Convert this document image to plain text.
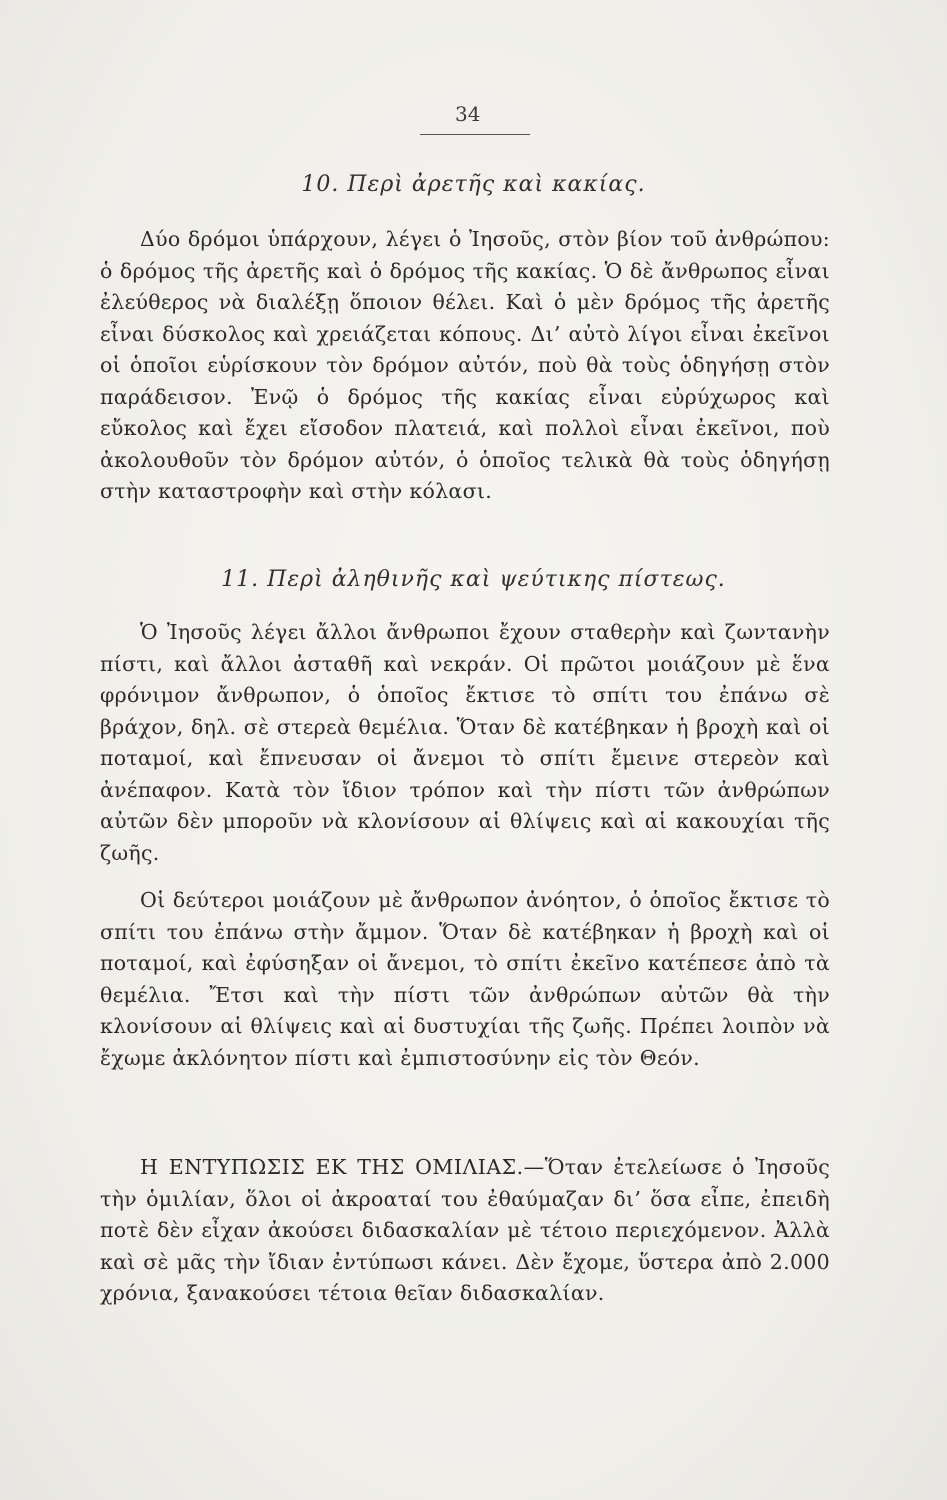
34
10. Περὶ ἀρετῆς καὶ κακίας.

Δύο δρόμοι ὑπάρχουν, λέγει ὁ Ἰησοῦς, στὸν βίον τοῦ ἀνθρώπου: ὁ δρόμος τῆς ἀρετῆς καὶ ὁ δρόμος τῆς κακίας. Ὁ δὲ ἄνθρωπος εἶναι ἐλεύθερος νὰ διαλέξῃ ὅποιον θέλει. Καὶ ὁ μὲν δρόμος τῆς ἀρετῆς εἶναι δύσκολος καὶ χρειάζεται κόπους. Δι’ αὐτὸ λίγοι εἶναι ἐκεῖνοι οἱ ὁποῖοι εὑρίσκουν τὸν δρόμον αὐτόν, ποὺ θὰ τοὺς ὁδηγήσῃ στὸν παράδεισον. Ἐνῷ ὁ δρόμος τῆς κακίας εἶναι εὐρύχωρος καὶ εὔκολος καὶ ἔχει εἴσοδον πλατειά, καὶ πολλοὶ εἶναι ἐκεῖνοι, ποὺ ἀκολουθοῦν τὸν δρόμον αὐτόν, ὁ ὁποῖος τελικὰ θὰ τοὺς ὁδηγήσῃ στὴν καταστροφὴν καὶ στὴν κόλασι.

11. Περὶ ἀληθινῆς καὶ ψεύτικης πίστεως.

Ὁ Ἰησοῦς λέγει ἄλλοι ἄνθρωποι ἔχουν σταθερὴν καὶ ζωντανὴν πίστι, καὶ ἄλλοι ἀσταθῆ καὶ νεκράν. Οἱ πρῶτοι μοιάζουν μὲ ἕνα φρόνιμον ἄνθρωπον, ὁ ὁποῖος ἔκτισε τὸ σπίτι του ἐπάνω σὲ βράχον, δηλ. σὲ στερεὰ θεμέλια. Ὅταν δὲ κατέβηκαν ἡ βροχὴ καὶ οἱ ποταμοί, καὶ ἔπνευσαν οἱ ἄνεμοι τὸ σπίτι ἔμεινε στερεὸν καὶ ἀνέπαφον. Κατὰ τὸν ἴδιον τρόπον καὶ τὴν πίστι τῶν ἀνθρώπων αὐτῶν δὲν μποροῦν νὰ κλονίσουν αἱ θλίψεις καὶ αἱ κακουχίαι τῆς ζωῆς.

Οἱ δεύτεροι μοιάζουν μὲ ἄνθρωπον ἀνόητον, ὁ ὁποῖος ἔκτισε τὸ σπίτι του ἐπάνω στὴν ἄμμον. Ὅταν δὲ κατέβηκαν ἡ βροχὴ καὶ οἱ ποταμοί, καὶ ἐφύσηξαν οἱ ἄνεμοι, τὸ σπίτι ἐκεῖνο κατέπεσε ἀπὸ τὰ θεμέλια. Ἔτσι καὶ τὴν πίστι τῶν ἀνθρώπων αὐτῶν θὰ τὴν κλονίσουν αἱ θλίψεις καὶ αἱ δυστυχίαι τῆς ζωῆς. Πρέπει λοιπὸν νὰ ἔχωμε ἀκλόνητον πίστι καὶ ἐμπιστοσύνην εἰς τὸν Θεόν.

Η ΕΝΤΥΠΩΣΙΣ ΕΚ ΤΗΣ ΟΜΙΛΙΑΣ.—Ὅταν ἐτελείωσε ὁ Ἰησοῦς τὴν ὁμιλίαν, ὅλοι οἱ ἀκροαταί του ἐθαύμαζαν δι’ ὅσα εἶπε, ἐπειδὴ ποτὲ δὲν εἶχαν ἀκούσει διδασκαλίαν μὲ τέτοιο περιεχόμενον. Ἀλλὰ καὶ σὲ μᾶς τὴν ἴδιαν ἐντύπωσι κάνει. Δὲν ἔχομε, ὕστερα ἀπὸ 2.000 χρόνια, ξανακούσει τέτοια θεῖαν διδασκαλίαν.
